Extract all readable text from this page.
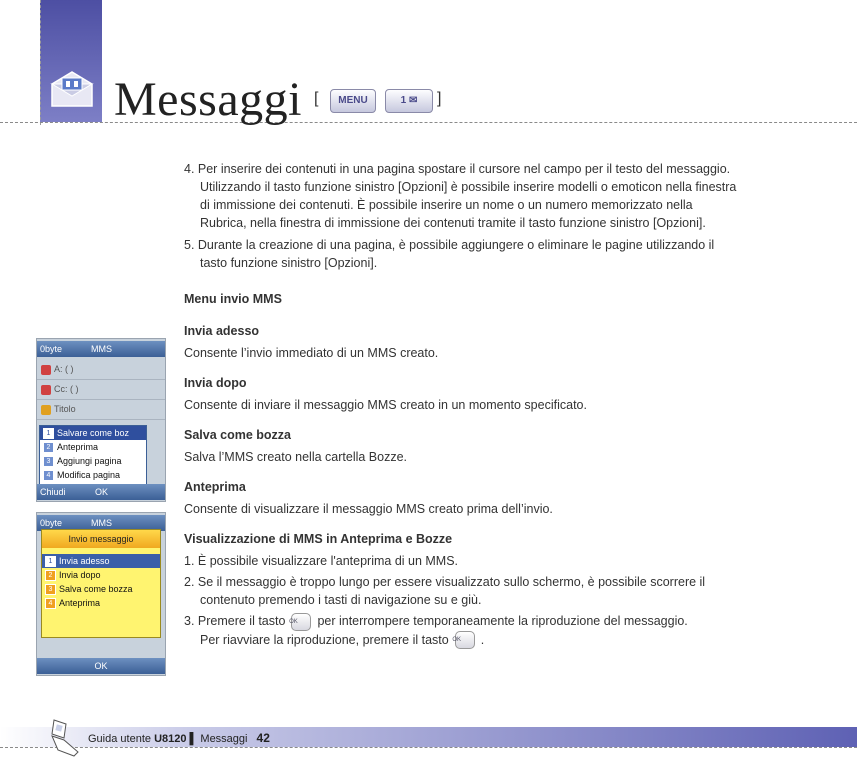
Messaggi [	MENU	1 ✉	]

4. Per inserire dei contenuti in una pagina spostare il cursore nel campo per il testo del messaggio.
Utilizzando il tasto funzione sinistro [Opzioni] è possibile inserire modelli o emoticon nella finestra
di immissione dei contenuti. È possibile inserire un nome o un numero memorizzato nella
Rubrica, nella finestra di immissione dei contenuti tramite il tasto funzione sinistro [Opzioni].

5. Durante la creazione di una pagina, è possibile aggiungere o eliminare le pagine utilizzando il
tasto funzione sinistro [Opzioni].

Menu invio MMS

Invia adesso

Consente l’invio immediato di un MMS creato.

Invia dopo

Consente di inviare il messaggio MMS creato in un momento specificato.

Salva come bozza

Salva l’MMS creato nella cartella Bozze.

Anteprima

Consente di visualizzare il messaggio MMS creato prima dell’invio.

Visualizzazione di MMS in Anteprima e Bozze

1. È possibile visualizzare l'anteprima di un MMS.

2. Se il messaggio è troppo lungo per essere visualizzato sullo schermo, è possibile scorrere il
contenuto premendo i tasti di navigazione su e giù.

3. Premere il tasto OK per interrompere temporaneamente la riproduzione del messaggio.
Per riavviare la riproduzione, premere il tasto OK .

0byte	MMS
A: ( )
Cc: ( )
Titolo
1 Salvare come boz
2 Anteprima
3 Aggiungi pagina
4 Modifica pagina
Chiudi	OK
0byte	MMS
Invio messaggio
1 Invia adesso
2 Invia dopo
3 Salva come bozza
4 Anteprima
OK
Guida utente U8120 ▌ Messaggi 42
